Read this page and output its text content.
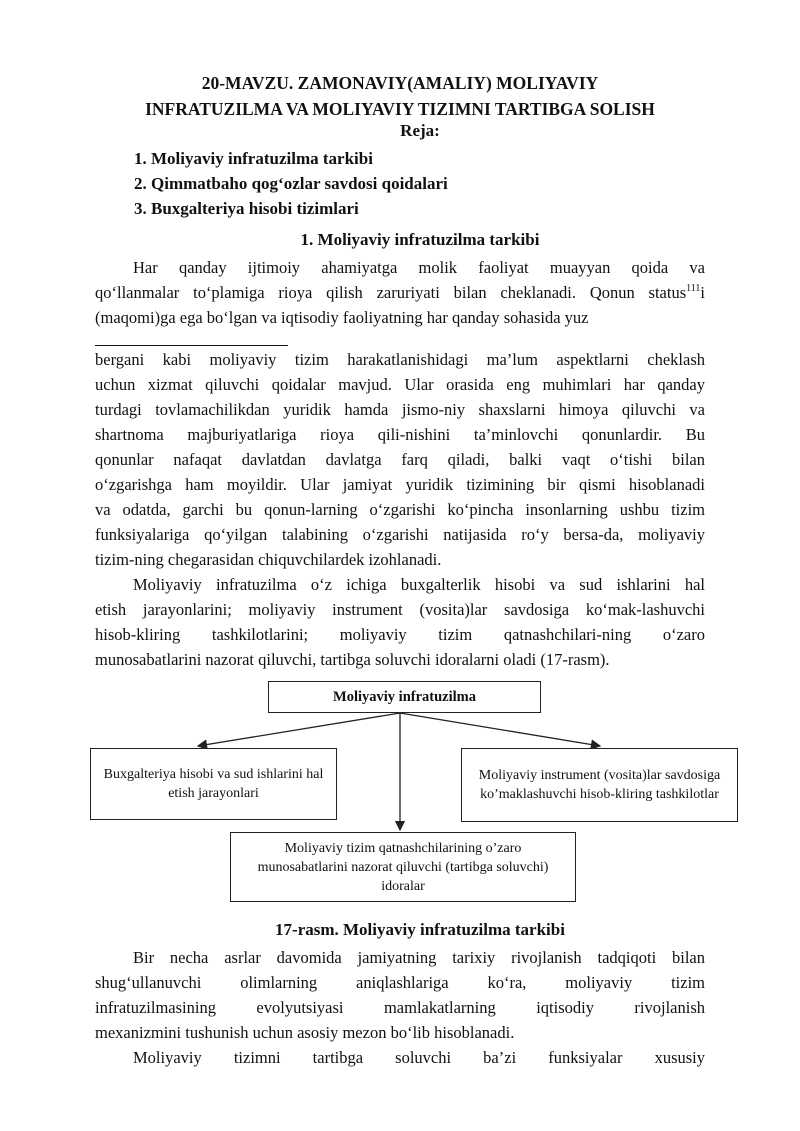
20-MAVZU. ZAMONAVIY(AMALIY) MOLIYAVIY
INFRATUZILMA VA MOLIYAVIY TIZIMNI TARTIBGA SOLISH
Reja:
1. Moliyaviy infratuzilma tarkibi
2. Qimmatbaho qog‘ozlar savdosi qoidalari
3. Buxgalteriya hisobi tizimlari
1. Moliyaviy infratuzilma tarkibi
Har qanday ijtimoiy ahamiyatga molik faoliyat muayyan qoida va
qo‘llanmalar to‘plamiga rioya qilish zaruriyati bilan cheklanadi. Qonun status$^{111}$i
(maqomi)ga ega bo‘lgan va iqtisodiy faoliyatning har qanday sohasida yuz
bergani kabi moliyaviy tizim harakatlanishidagi ma’lum aspektlarni cheklash
uchun xizmat qiluvchi qoidalar mavjud. Ular orasida eng muhimlari har qanday
turdagi tovlamachilikdan yuridik hamda jismo-niy shaxslarni himoya qiluvchi va
shartnoma majburiyatlariga rioya qili-nishini ta’minlovchi qonunlardir. Bu
qonunlar nafaqat davlatdan davlatga farq qiladi, balki vaqt o‘tishi bilan
o‘zgarishga ham moyildir. Ular jamiyat yuridik tizimining bir qismi hisoblanadi
va odatda, garchi bu qonun-larning o‘zgarishi ko‘pincha insonlarning ushbu tizim
funksiyalariga qo‘yilgan talabining o‘zgarishi natijasida ro‘y bersa-da, moliyaviy
tizim-ning chegarasidan chiquvchilardek izohlanadi.
Moliyaviy infratuzilma o‘z ichiga buxgalterlik hisobi va sud ishlarini hal
etish jarayonlarini; moliyaviy instrument (vosita)lar savdosiga ko‘mak-lashuvchi
hisob-kliring tashkilotlarini; moliyaviy tizim qatnashchilari-ning o‘zaro
munosabatlarini nazorat qiluvchi, tartibga soluvchi idoralarni oladi (17-rasm).
Moliyaviy infratuzilma
Buxgalteriya hisobi va sud ishlarini hal etish jarayonlari
Moliyaviy instrument (vosita)lar savdosiga ko’maklashuvchi hisob-kliring tashkilotlar
Moliyaviy tizim qatnashchilarining o’zaro munosabatlarini nazorat qiluvchi (tartibga soluvchi) idoralar
17-rasm. Moliyaviy infratuzilma tarkibi
Bir necha asrlar davomida jamiyatning tarixiy rivojlanish tadqiqoti bilan
shug‘ullanuvchi olimlarning aniqlashlariga ko‘ra, moliyaviy tizim
infratuzilmasining evolyutsiyasi mamlakatlarning iqtisodiy rivojlanish
mexanizmini tushunish uchun asosiy mezon bo‘lib hisoblanadi.
Moliyaviy tizimni tartibga soluvchi ba’zi funksiyalar xususiy
